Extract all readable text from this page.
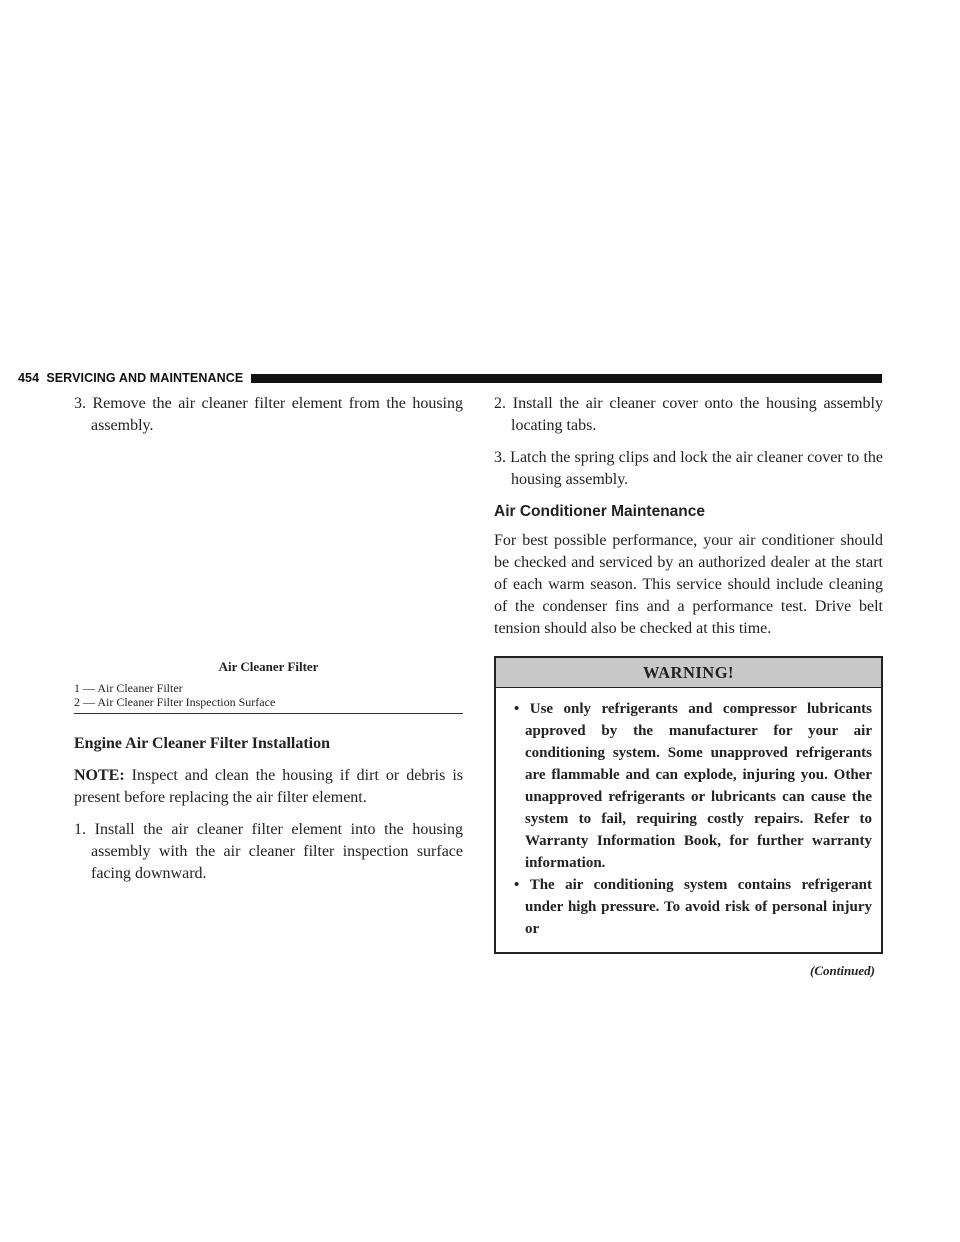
454 SERVICING AND MAINTENANCE
3. Remove the air cleaner filter element from the housing assembly.
Air Cleaner Filter
1 — Air Cleaner Filter
2 — Air Cleaner Filter Inspection Surface
Engine Air Cleaner Filter Installation

NOTE: Inspect and clean the housing if dirt or debris is present before replacing the air filter element.

1. Install the air cleaner filter element into the housing assembly with the air cleaner filter inspection surface facing downward.
2. Install the air cleaner cover onto the housing assembly locating tabs.
3. Latch the spring clips and lock the air cleaner cover to the housing assembly.
Air Conditioner Maintenance

For best possible performance, your air conditioner should be checked and serviced by an authorized dealer at the start of each warm season. This service should include cleaning of the condenser fins and a performance test. Drive belt tension should also be checked at this time.

WARNING!

• Use only refrigerants and compressor lubricants approved by the manufacturer for your air conditioning system. Some unapproved refrigerants are flammable and can explode, injuring you. Other unapproved refrigerants or lubricants can cause the system to fail, requiring costly repairs. Refer to Warranty Information Book, for further warranty information.

• The air conditioning system contains refrigerant under high pressure. To avoid risk of personal injury or

(Continued)
